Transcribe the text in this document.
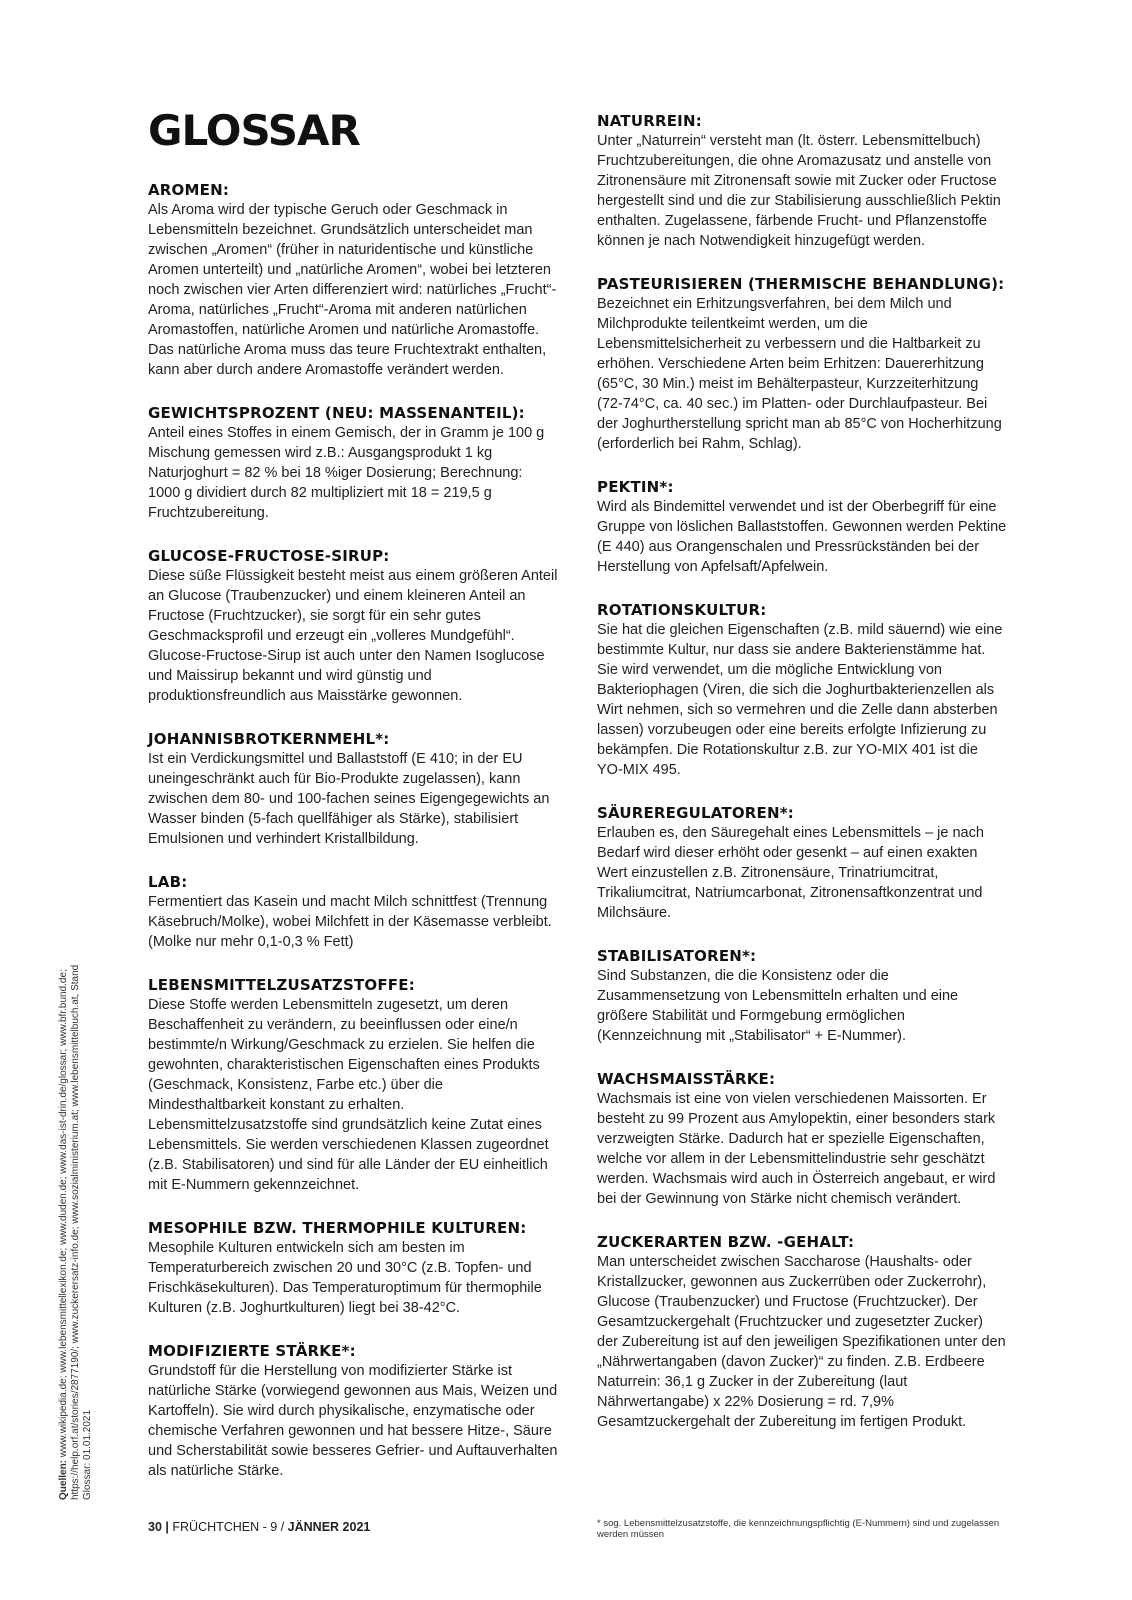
GLOSSAR
AROMEN:

Als Aroma wird der typische Geruch oder Geschmack in Lebensmitteln bezeichnet. Grundsätzlich unterscheidet man zwischen „Aromen“ (früher in naturidentische und künstliche Aromen unterteilt) und „natürliche Aromen“, wobei bei letzteren noch zwischen vier Arten differenziert wird: natürliches „Frucht“-Aroma, natürliches „Frucht“-Aroma mit anderen natürlichen Aromastoffen, natürliche Aromen und natürliche Aromastoffe. Das natürliche Aroma muss das teure Fruchtextrakt enthalten, kann aber durch andere Aromastoffe verändert werden.

GEWICHTSPROZENT (NEU: MASSENANTEIL):

Anteil eines Stoffes in einem Gemisch, der in Gramm je 100 g Mischung gemessen wird z.B.: Ausgangsprodukt 1 kg Naturjoghurt = 82 % bei 18 %iger Dosierung; Berechnung: 1000 g dividiert durch 82 multipliziert mit 18 = 219,5 g Fruchtzubereitung.

GLUCOSE-FRUCTOSE-SIRUP:

Diese süße Flüssigkeit besteht meist aus einem größeren Anteil an Glucose (Traubenzucker) und einem kleineren Anteil an Fructose (Fruchtzucker), sie sorgt für ein sehr gutes Geschmacksprofil und erzeugt ein „volleres Mundgefühl“. Glucose-Fructose-Sirup ist auch unter den Namen Isoglucose und Maissirup bekannt und wird günstig und produktionsfreundlich aus Maisstärke gewonnen.

JOHANNISBROTKERNMEHL*:

Ist ein Verdickungsmittel und Ballaststoff (E 410; in der EU uneingeschränkt auch für Bio-Produkte zugelassen), kann zwischen dem 80- und 100-fachen seines Eigengegewichts an Wasser binden (5-fach quellfähiger als Stärke), stabilisiert Emulsionen und verhindert Kristallbildung.

LAB:

Fermentiert das Kasein und macht Milch schnittfest (Trennung Käsebruch/Molke), wobei Milchfett in der Käsemasse verbleibt. (Molke nur mehr 0,1-0,3 % Fett)

LEBENSMITTELZUSATZSTOFFE:

Diese Stoffe werden Lebensmitteln zugesetzt, um deren Beschaffenheit zu verändern, zu beeinflussen oder eine/n bestimmte/n Wirkung/Geschmack zu erzielen. Sie helfen die gewohnten, charakteristischen Eigenschaften eines Produkts (Geschmack, Konsistenz, Farbe etc.) über die Mindesthaltbarkeit konstant zu erhalten. Lebensmittelzusatzstoffe sind grundsätzlich keine Zutat eines Lebensmittels. Sie werden verschiedenen Klassen zugeordnet (z.B. Stabilisatoren) und sind für alle Länder der EU einheitlich mit E-Nummern gekennzeichnet.

MESOPHILE BZW. THERMOPHILE KULTUREN:

Mesophile Kulturen entwickeln sich am besten im Temperaturbereich zwischen 20 und 30°C (z.B. Topfen- und Frischkäsekulturen). Das Temperaturoptimum für thermophile Kulturen (z.B. Joghurtkulturen) liegt bei 38-42°C.

MODIFIZIERTE STÄRKE*:

Grundstoff für die Herstellung von modifizierter Stärke ist natürliche Stärke (vorwiegend gewonnen aus Mais, Weizen und Kartoffeln). Sie wird durch physikalische, enzymatische oder chemische Verfahren gewonnen und hat bessere Hitze-, Säure und Scherstabilität sowie besseres Gefrier- und Auftauverhalten als natürliche Stärke.

NATURREIN:

Unter „Naturrein“ versteht man (lt. österr. Lebensmittelbuch) Fruchtzubereitungen, die ohne Aromazusatz und anstelle von Zitronensäure mit Zitronensaft sowie mit Zucker oder Fructose hergestellt sind und die zur Stabilisierung ausschließlich Pektin enthalten. Zugelassene, färbende Frucht- und Pflanzenstoffe können je nach Notwendigkeit hinzugefügt werden.

PASTEURISIEREN (THERMISCHE BEHANDLUNG):

Bezeichnet ein Erhitzungsverfahren, bei dem Milch und Milchprodukte teilentkeimt werden, um die Lebensmittelsicherheit zu verbessern und die Haltbarkeit zu erhöhen. Verschiedene Arten beim Erhitzen: Dauererhitzung (65°C, 30 Min.) meist im Behälterpasteur, Kurzzeiterhitzung (72-74°C, ca. 40 sec.) im Platten- oder Durchlaufpasteur. Bei der Joghurtherstellung spricht man ab 85°C von Hocherhitzung (erforderlich bei Rahm, Schlag).

PEKTIN*:

Wird als Bindemittel verwendet und ist der Oberbegriff für eine Gruppe von löslichen Ballaststoffen. Gewonnen werden Pektine (E 440) aus Orangenschalen und Pressrückständen bei der Herstellung von Apfelsaft/Apfelwein.

ROTATIONSKULTUR:

Sie hat die gleichen Eigenschaften (z.B. mild säuernd) wie eine bestimmte Kultur, nur dass sie andere Bakterienstämme hat. Sie wird verwendet, um die mögliche Entwicklung von Bakteriophagen (Viren, die sich die Joghurtbakterienzellen als Wirt nehmen, sich so vermehren und die Zelle dann absterben lassen) vorzubeugen oder eine bereits erfolgte Infizierung zu bekämpfen. Die Rotationskultur z.B. zur YO-MIX 401 ist die YO-MIX 495.

SÄUREREGULATOREN*:

Erlauben es, den Säuregehalt eines Lebensmittels – je nach Bedarf wird dieser erhöht oder gesenkt – auf einen exakten Wert einzustellen z.B. Zitronensäure, Trinatriumcitrat, Trikaliumcitrat, Natriumcarbonat, Zitronensaftkonzentrat und Milchsäure.

STABILISATOREN*:

Sind Substanzen, die die Konsistenz oder die Zusammensetzung von Lebensmitteln erhalten und eine größere Stabilität und Formgebung ermöglichen (Kennzeichnung mit „Stabilisator“ + E-Nummer).

WACHSMAISSTÄRKE:

Wachsmais ist eine von vielen verschiedenen Maissorten. Er besteht zu 99 Prozent aus Amylopektin, einer besonders stark verzweigten Stärke. Dadurch hat er spezielle Eigenschaften, welche vor allem in der Lebensmittelindustrie sehr geschätzt werden. Wachsmais wird auch in Österreich angebaut, er wird bei der Gewinnung von Stärke nicht chemisch verändert.

ZUCKERARTEN BZW. -GEHALT:

Man unterscheidet zwischen Saccharose (Haushalts- oder Kristallzucker, gewonnen aus Zuckerrüben oder Zuckerrohr), Glucose (Traubenzucker) und Fructose (Fruchtzucker). Der Gesamtzuckergehalt (Fruchtzucker und zugesetzter Zucker) der Zubereitung ist auf den jeweiligen Spezifikationen unter den „Nährwertangaben (davon Zucker)“ zu finden. Z.B. Erdbeere Naturrein: 36,1 g Zucker in der Zubereitung (laut Nährwertangabe) x 22% Dosierung = rd. 7,9% Gesamtzuckergehalt der Zubereitung im fertigen Produkt.

30 | FRÜCHTCHEN - 9 / JÄNNER 2021	* sog. Lebensmittelzusatzstoffe, die kennzeichnungspflichtig (E-Nummern) sind und zugelassen werden müssen
Quellen: www.wikipedia.de; www.lebensmittellexikon.de; www.duden.de; www.das-ist-drin.de/glossar; www.bfr.bund.de; https://help.orf.at/stories/2877190/; www.zuckerersatz-info.de; www.sozialministerium.at; www.lebensmittelbuch.at, Stand Glossar: 01.01.2021
